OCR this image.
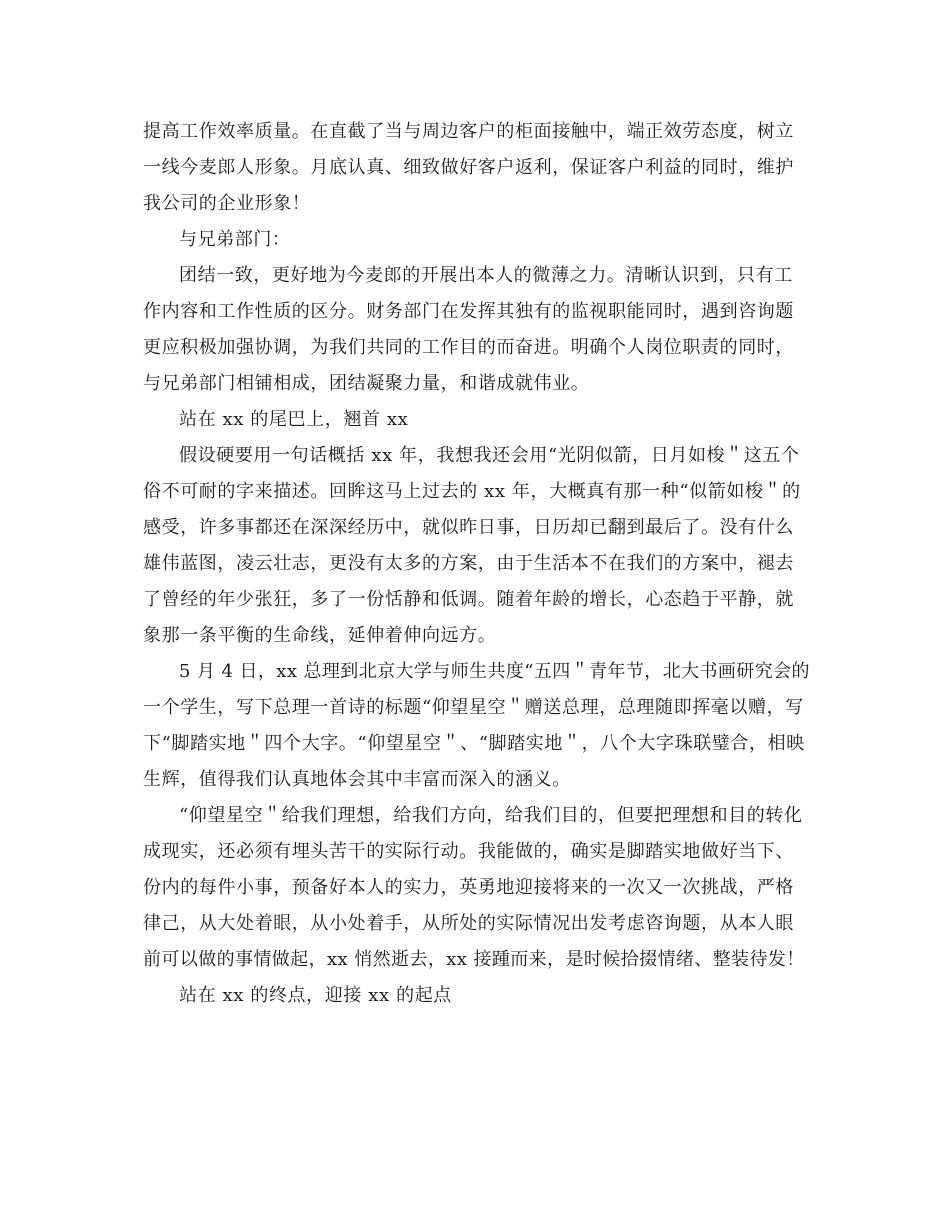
提高工作效率质量。在直截了当与周边客户的柜面接触中，端正效劳态度，树立
一线今麦郎人形象。月底认真、细致做好客户返利，保证客户利益的同时，维护
我公司的企业形象！
与兄弟部门：
团结一致，更好地为今麦郎的开展出本人的微薄之力。清晰认识到，只有工
作内容和工作性质的区分。财务部门在发挥其独有的监视职能同时，遇到咨询题
更应积极加强协调，为我们共同的工作目的而奋进。明确个人岗位职责的同时，
与兄弟部门相铺相成，团结凝聚力量，和谐成就伟业。
站在 xx 的尾巴上，翘首 xx
假设硬要用一句话概括 xx 年，我想我还会用“光阴似箭，日月如梭＂这五个
俗不可耐的字来描述。回眸这马上过去的 xx 年，大概真有那一种“似箭如梭＂的
感受，许多事都还在深深经历中，就似昨日事，日历却已翻到最后了。没有什么
雄伟蓝图，凌云壮志，更没有太多的方案，由于生活本不在我们的方案中，褪去
了曾经的年少张狂，多了一份恬静和低调。随着年龄的增长，心态趋于平静，就
象那一条平衡的生命线，延伸着伸向远方。
5 月 4 日，xx 总理到北京大学与师生共度“五四＂青年节，北大书画研究会的
一个学生，写下总理一首诗的标题“仰望星空＂赠送总理，总理随即挥毫以赠，写
下“脚踏实地＂四个大字。“仰望星空＂、“脚踏实地＂，八个大字珠联璧合，相映
生辉，值得我们认真地体会其中丰富而深入的涵义。
“仰望星空＂给我们理想，给我们方向，给我们目的，但要把理想和目的转化
成现实，还必须有埋头苦干的实际行动。我能做的，确实是脚踏实地做好当下、
份内的每件小事，预备好本人的实力，英勇地迎接将来的一次又一次挑战，严格
律己，从大处着眼，从小处着手，从所处的实际情况出发考虑咨询题，从本人眼
前可以做的事情做起，xx 悄然逝去，xx 接踵而来，是时候拾掇情绪、整装待发！
站在 xx 的终点，迎接 xx 的起点
